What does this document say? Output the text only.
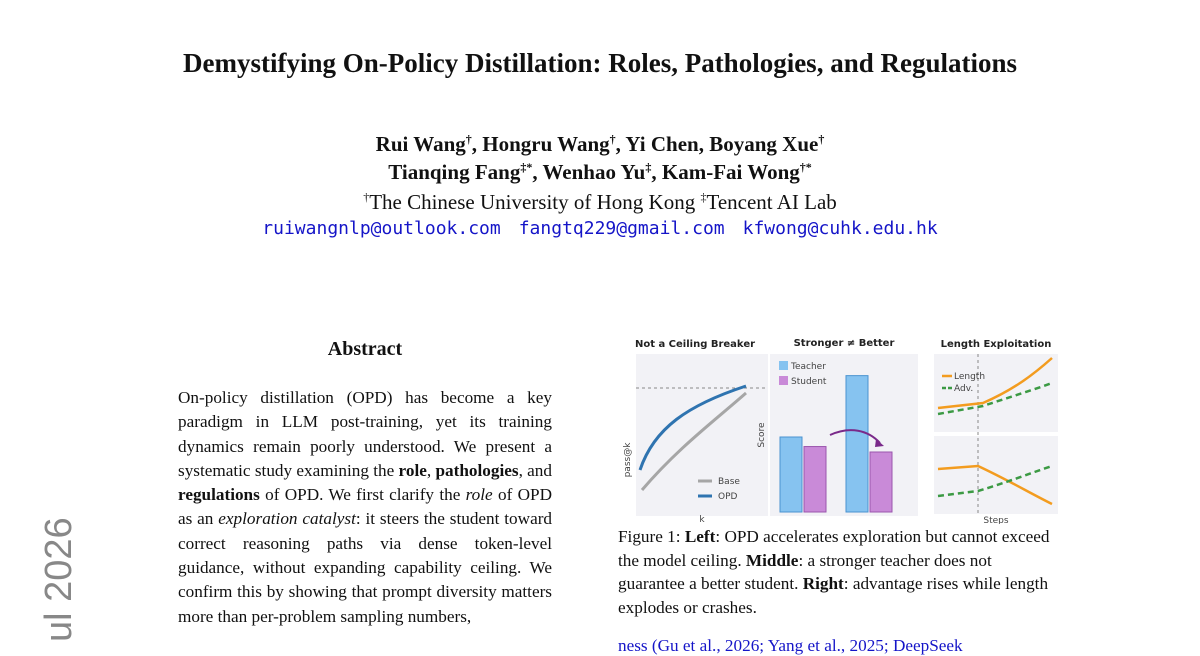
Demystifying On-Policy Distillation: Roles, Pathologies, and Regulations
Rui Wang†, Hongru Wang†, Yi Chen, Boyang Xue†
Tianqing Fang‡*, Wenhao Yu‡, Kam-Fai Wong†*
†The Chinese University of Hong Kong ‡Tencent AI Lab
ruiwangnlp@outlook.com fangtq229@gmail.com kfwong@cuhk.edu.hk
ul 2026
Abstract

On-policy distillation (OPD) has become a key paradigm in LLM post-training, yet its training dynamics remain poorly understood. We present a systematic study examining the role, pathologies, and regulations of OPD. We first clarify the role of OPD as an exploration catalyst: it steers the student toward correct reasoning paths via dense token-level guidance, without expanding capability ceiling. We confirm this by showing that prompt diversity matters more than per-problem sampling numbers,

Not a Ceiling Breaker	Stronger ≠ Better	Length Exploitation
pass@k
k
Base
OPD
Score
Teacher
Student	Length
Adv.
Steps

Figure 1: Left: OPD accelerates exploration but cannot exceed the model ceiling. Middle: a stronger teacher does not guarantee a better student. Right: advantage rises while length explodes or crashes.

ness (Gu et al., 2026; Yang et al., 2025; DeepSeek
